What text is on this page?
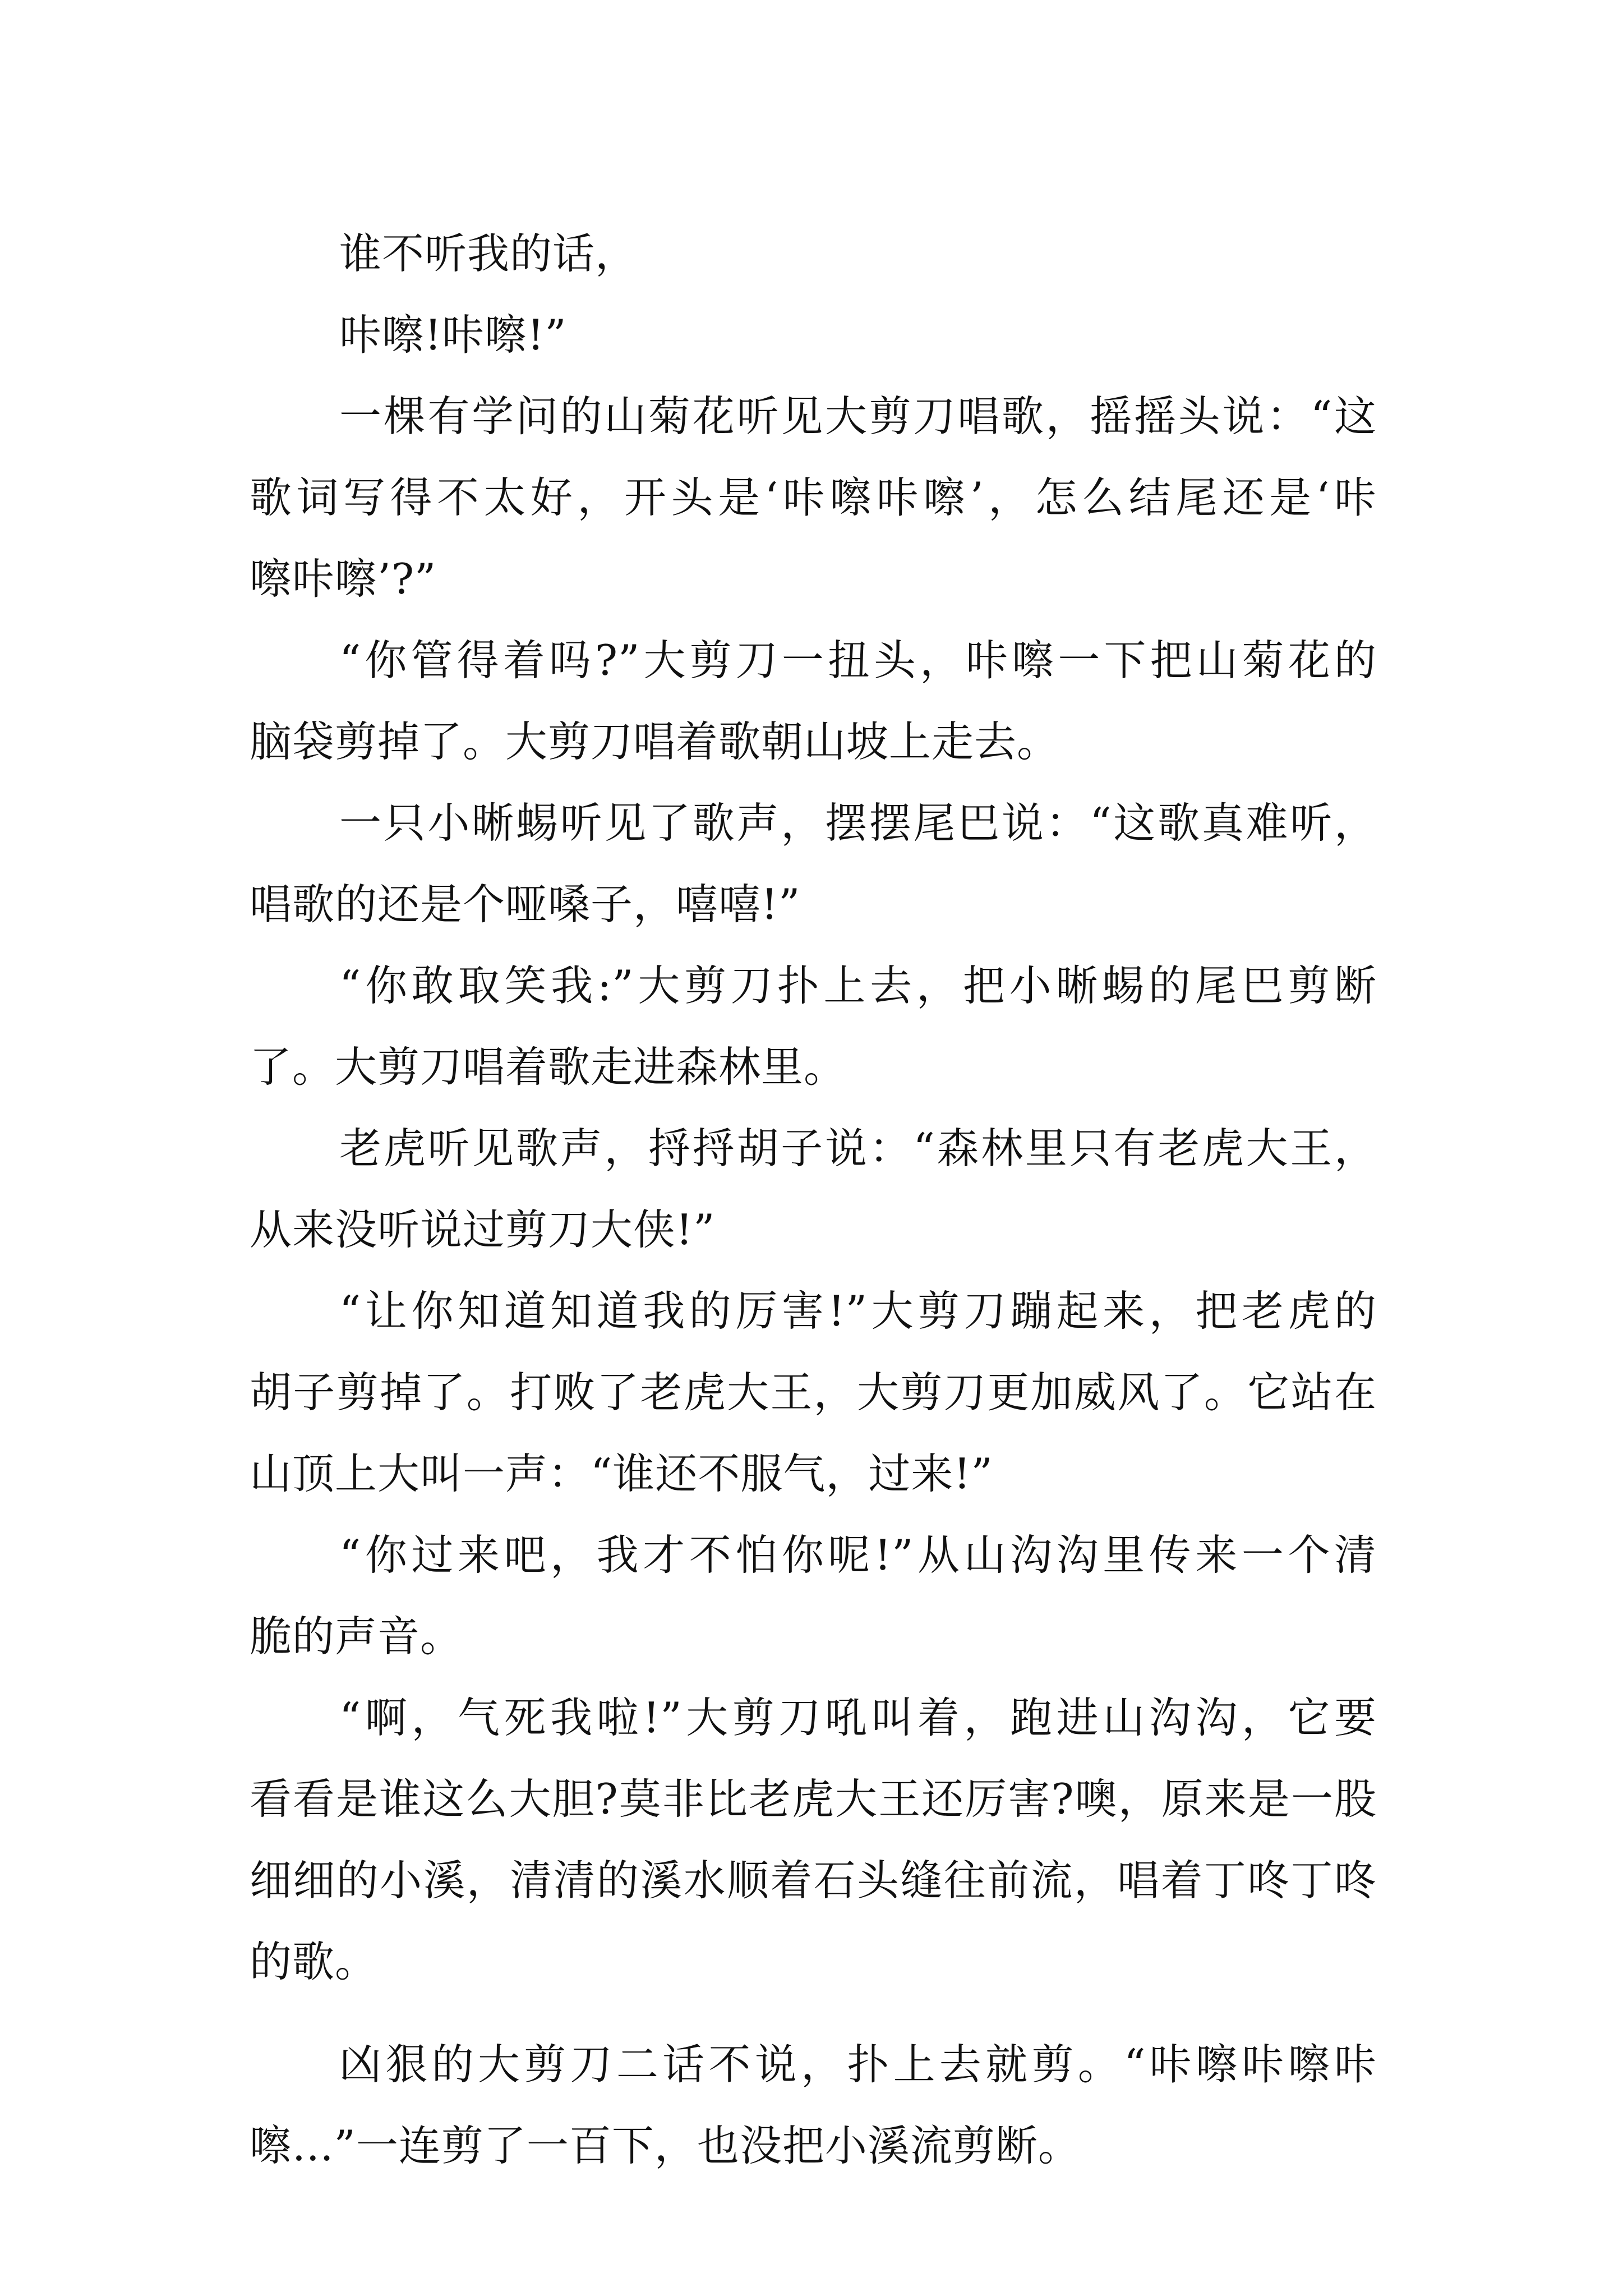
谁不听我的话，
咔嚓!咔嚓!”
一棵有学问的山菊花听见大剪刀唱歌，摇摇头说：“这
歌词写得不太好，开头是‘咔嚓咔嚓’，怎么结尾还是‘咔
嚓咔嚓’?”
“你管得着吗?”大剪刀一扭头，咔嚓一下把山菊花的
脑袋剪掉了。大剪刀唱着歌朝山坡上走去。
一只小晰蜴听见了歌声，摆摆尾巴说：“这歌真难听，
唱歌的还是个哑嗓子，嘻嘻!”
“你敢取笑我:”大剪刀扑上去，把小晰蜴的尾巴剪断
了。大剪刀唱着歌走进森林里。
老虎听见歌声，捋捋胡子说：“森林里只有老虎大王，
从来没听说过剪刀大侠!”
“让你知道知道我的厉害!”大剪刀蹦起来，把老虎的
胡子剪掉了。打败了老虎大王，大剪刀更加威风了。它站在
山顶上大叫一声：“谁还不服气，过来!”
“你过来吧，我才不怕你呢!”从山沟沟里传来一个清
脆的声音。
“啊，气死我啦!”大剪刀吼叫着，跑进山沟沟，它要
看看是谁这么大胆?莫非比老虎大王还厉害?噢，原来是一股
细细的小溪，清清的溪水顺着石头缝往前流，唱着丁咚丁咚
的歌。
凶狠的大剪刀二话不说，扑上去就剪。“咔嚓咔嚓咔
嚓...”一连剪了一百下，也没把小溪流剪断。
